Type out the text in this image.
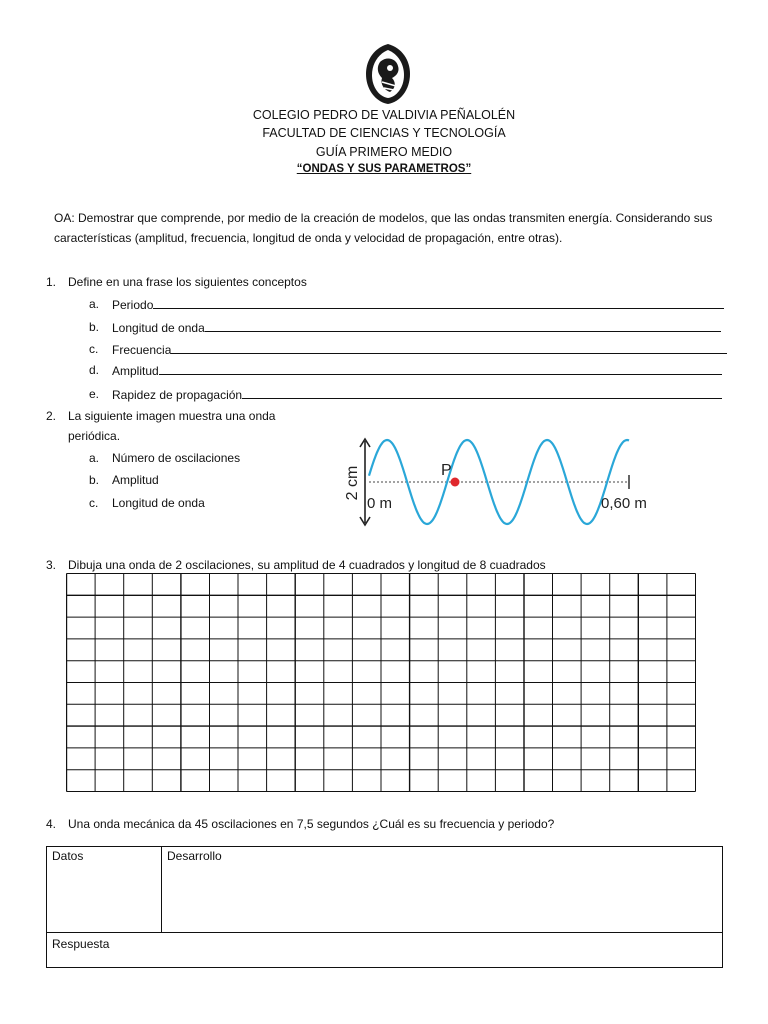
COLEGIO PEDRO DE VALDIVIA PEÑALOLÉN
FACULTAD DE CIENCIAS Y TECNOLOGÍA
GUÍA PRIMERO MEDIO
“ONDAS Y SUS PARAMETROS”
OA: Demostrar que comprende, por medio de la creación de modelos, que las ondas transmiten energía. Considerando sus características (amplitud, frecuencia, longitud de onda y velocidad de propagación, entre otras).
1. Define en una frase los siguientes conceptos
a. Periodo
b. Longitud de onda
c. Frecuencia
d. Amplitud
e. Rapidez de propagación
2. La siguiente imagen muestra una onda
periódica.
a. Número de oscilaciones
b. Amplitud
c. Longitud de onda
2 cm	P
0 m	0,60 m
3. Dibuja una onda de 2 oscilaciones, su amplitud de 4 cuadrados y longitud de 8 cuadrados
4. Una onda mecánica da 45 oscilaciones en 7,5 segundos ¿Cuál es su frecuencia y periodo?
Datos	Desarrollo
Respuesta
